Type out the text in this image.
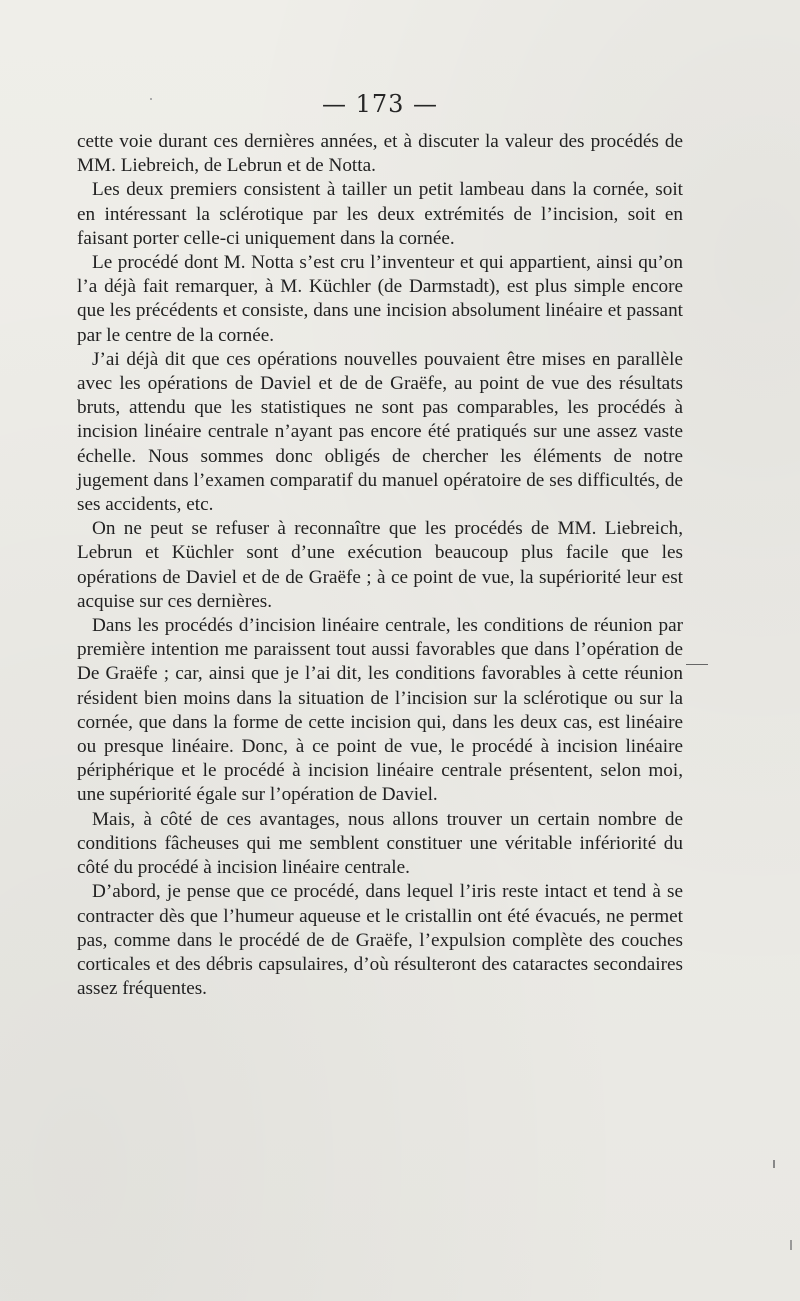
— 173 —

cette voie durant ces dernières années, et à discuter la valeur des procédés de MM. Liebreich, de Lebrun et de Notta.

Les deux premiers consistent à tailler un petit lambeau dans la cornée, soit en intéressant la sclérotique par les deux extrémités de l’incision, soit en faisant porter celle-ci uniquement dans la cornée.

Le procédé dont M. Notta s’est cru l’inventeur et qui appartient, ainsi qu’on l’a déjà fait remarquer, à M. Küchler (de Darmstadt), est plus simple encore que les précédents et consiste, dans une incision absolument linéaire et passant par le centre de la cornée.

J’ai déjà dit que ces opérations nouvelles pouvaient être mises en parallèle avec les opérations de Daviel et de de Graëfe, au point de vue des résultats bruts, attendu que les statistiques ne sont pas comparables, les procédés à incision linéaire centrale n’ayant pas encore été pratiqués sur une assez vaste échelle. Nous sommes donc obligés de chercher les éléments de notre jugement dans l’examen comparatif du manuel opératoire de ses difficultés, de ses accidents, etc.

On ne peut se refuser à reconnaître que les procédés de MM. Liebreich, Lebrun et Küchler sont d’une exécution beaucoup plus facile que les opérations de Daviel et de de Graëfe ; à ce point de vue, la supériorité leur est acquise sur ces dernières.

Dans les procédés d’incision linéaire centrale, les conditions de réunion par première intention me paraissent tout aussi favorables que dans l’opération de De Graëfe ; car, ainsi que je l’ai dit, les conditions favorables à cette réunion résident bien moins dans la situation de l’incision sur la sclérotique ou sur la cornée, que dans la forme de cette incision qui, dans les deux cas, est linéaire ou presque linéaire. Donc, à ce point de vue, le procédé à incision linéaire périphérique et le procédé à incision linéaire centrale présentent, selon moi, une supériorité égale sur l’opération de Daviel.

Mais, à côté de ces avantages, nous allons trouver un certain nombre de conditions fâcheuses qui me semblent constituer une véritable infériorité du côté du procédé à incision linéaire centrale.

D’abord, je pense que ce procédé, dans lequel l’iris reste intact et tend à se contracter dès que l’humeur aqueuse et le cristallin ont été évacués, ne permet pas, comme dans le procédé de de Graëfe, l’expulsion complète des couches corticales et des débris capsulaires, d’où résulteront des cataractes secondaires assez fréquentes.
